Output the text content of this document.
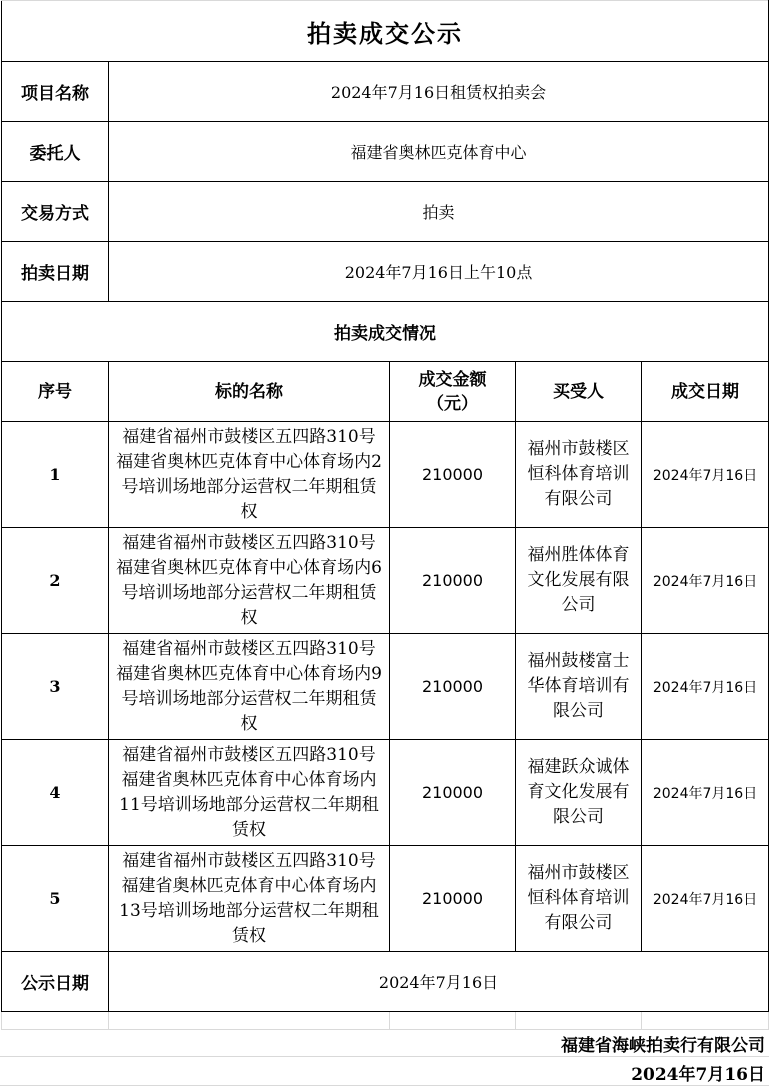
拍卖成交公示				
项目名称	2024年7月16日租赁权拍卖会			
委托人	福建省奥林匹克体育中心			
交易方式	拍卖			
拍卖日期	2024年7月16日上午10点			
拍卖成交情况				
序号	标的名称	成交金额（元）	买受人	成交日期
1	福建省福州市鼓楼区五四路310号福建省奥林匹克体育中心体育场内2号培训场地部分运营权二年期租赁权	210000	福州市鼓楼区恒科体育培训有限公司	2024年7月16日
2	福建省福州市鼓楼区五四路310号福建省奥林匹克体育中心体育场内6号培训场地部分运营权二年期租赁权	210000	福州胜体体育文化发展有限公司	2024年7月16日
3	福建省福州市鼓楼区五四路310号福建省奥林匹克体育中心体育场内9号培训场地部分运营权二年期租赁权	210000	福州鼓楼富士华体育培训有限公司	2024年7月16日
4	福建省福州市鼓楼区五四路310号福建省奥林匹克体育中心体育场内11号培训场地部分运营权二年期租赁权	210000	福建跃众诚体育文化发展有限公司	2024年7月16日
5	福建省福州市鼓楼区五四路310号福建省奥林匹克体育中心体育场内13号培训场地部分运营权二年期租赁权	210000	福州市鼓楼区恒科体育培训有限公司	2024年7月16日
公示日期	2024年7月16日			

福建省海峡拍卖行有限公司
2024年7月16日
